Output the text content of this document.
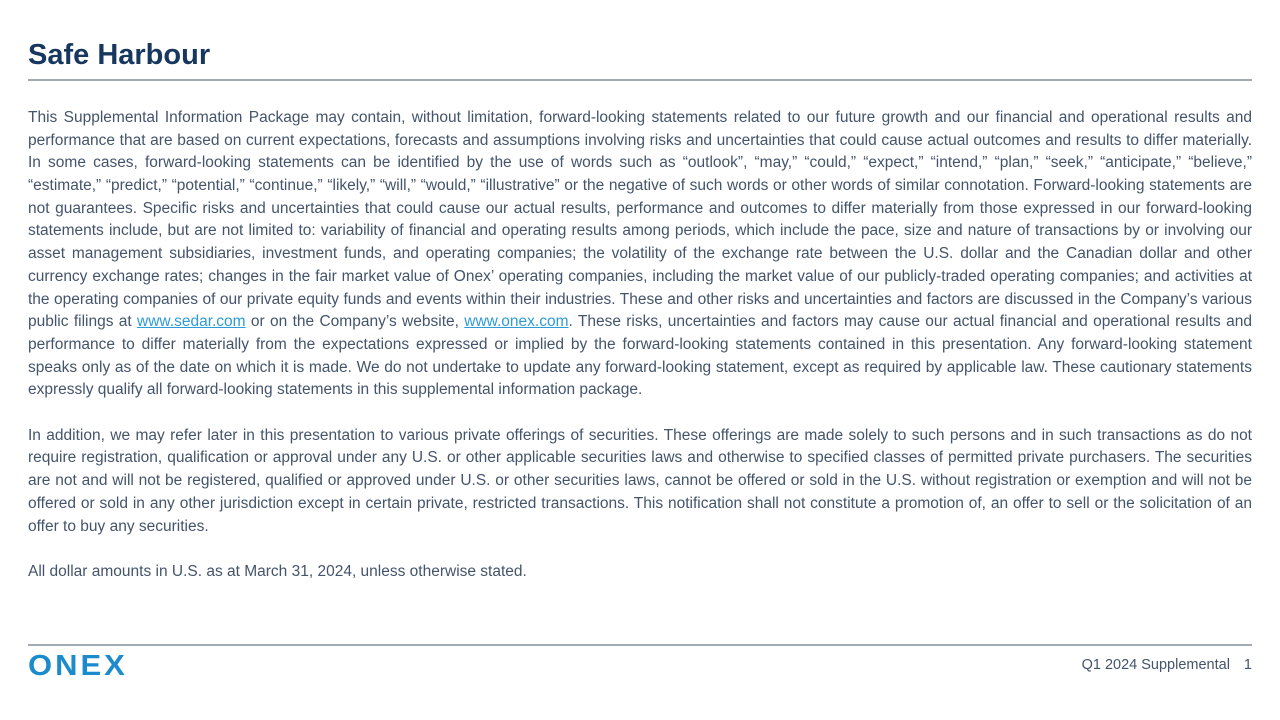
Safe Harbour

This Supplemental Information Package may contain, without limitation, forward-looking statements related to our future growth and our financial and operational results and performance that are based on current expectations, forecasts and assumptions involving risks and uncertainties that could cause actual outcomes and results to differ materially. In some cases, forward-looking statements can be identified by the use of words such as “outlook”, “may,” “could,” “expect,” “intend,” “plan,” “seek,” “anticipate,” “believe,” “estimate,” “predict,” “potential,” “continue,” “likely,” “will,” “would,” “illustrative” or the negative of such words or other words of similar connotation. Forward-looking statements are not guarantees. Specific risks and uncertainties that could cause our actual results, performance and outcomes to differ materially from those expressed in our forward-looking statements include, but are not limited to: variability of financial and operating results among periods, which include the pace, size and nature of transactions by or involving our asset management subsidiaries, investment funds, and operating companies; the volatility of the exchange rate between the U.S. dollar and the Canadian dollar and other currency exchange rates; changes in the fair market value of Onex’ operating companies, including the market value of our publicly-traded operating companies; and activities at the operating companies of our private equity funds and events within their industries. These and other risks and uncertainties and factors are discussed in the Company’s various public filings at www.sedar.com or on the Company’s website, www.onex.com. These risks, uncertainties and factors may cause our actual financial and operational results and performance to differ materially from the expectations expressed or implied by the forward-looking statements contained in this presentation. Any forward-looking statement speaks only as of the date on which it is made. We do not undertake to update any forward-looking statement, except as required by applicable law. These cautionary statements expressly qualify all forward-looking statements in this supplemental information package.

In addition, we may refer later in this presentation to various private offerings of securities. These offerings are made solely to such persons and in such transactions as do not require registration, qualification or approval under any U.S. or other applicable securities laws and otherwise to specified classes of permitted private purchasers. The securities are not and will not be registered, qualified or approved under U.S. or other securities laws, cannot be offered or sold in the U.S. without registration or exemption and will not be offered or sold in any other jurisdiction except in certain private, restricted transactions. This notification shall not constitute a promotion of, an offer to sell or the solicitation of an offer to buy any securities.

All dollar amounts in U.S. as at March 31, 2024, unless otherwise stated.

ONEX	Q1 2024 Supplemental 1
